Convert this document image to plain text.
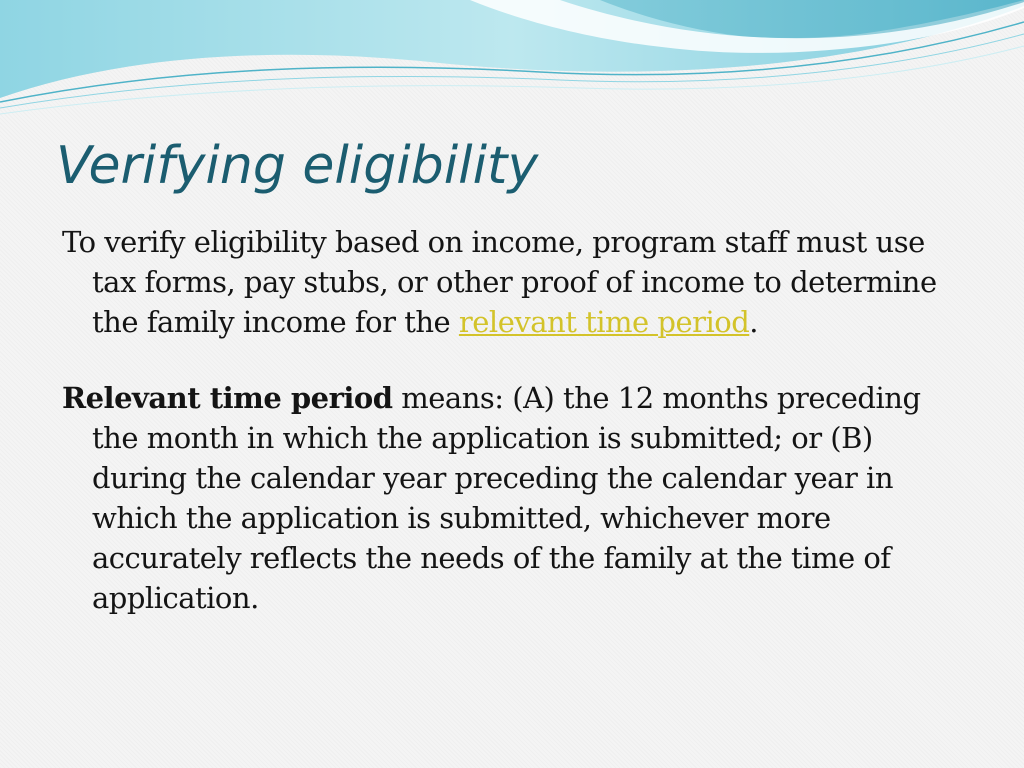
Verifying eligibility

To verify eligibility based on income, program staff must use tax forms, pay stubs, or other proof of income to determine the family income for the relevant time period.

Relevant time period means: (A) the 12 months preceding the month in which the application is submitted; or (B) during the calendar year preceding the calendar year in which the application is submitted, whichever more accurately reflects the needs of the family at the time of application.
